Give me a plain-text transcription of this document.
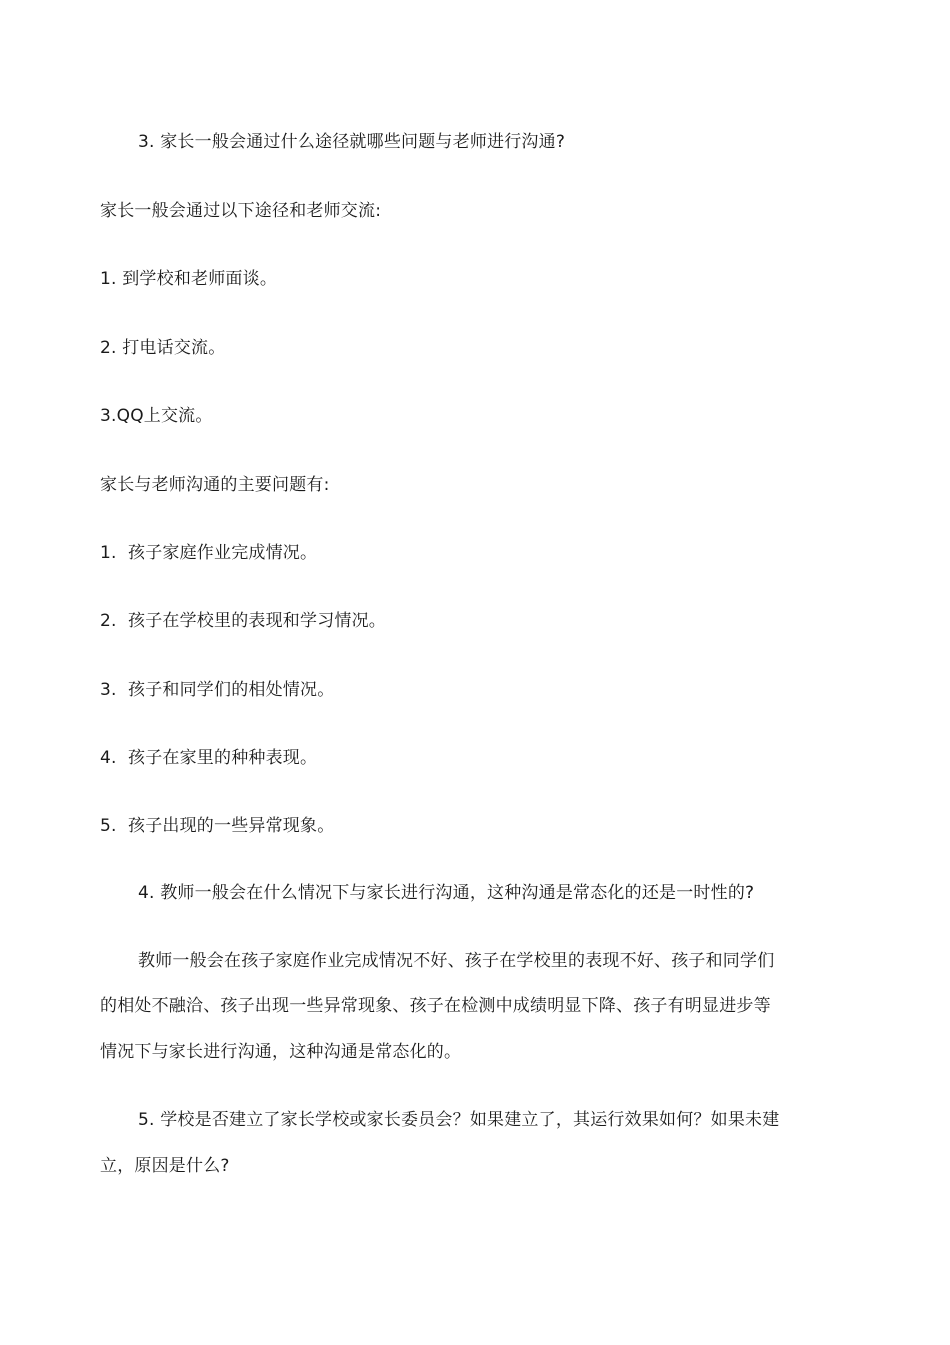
3. 家长一般会通过什么途径就哪些问题与老师进行沟通?
家长一般会通过以下途径和老师交流:
1. 到学校和老师面谈。
2. 打电话交流。
3.QQ上交流。
家长与老师沟通的主要问题有:
1. 孩子家庭作业完成情况。
2. 孩子在学校里的表现和学习情况。
3. 孩子和同学们的相处情况。
4. 孩子在家里的种种表现。
5. 孩子出现的一些异常现象。
4. 教师一般会在什么情况下与家长进行沟通，这种沟通是常态化的还是一时性的?
教师一般会在孩子家庭作业完成情况不好、孩子在学校里的表现不好、孩子和同学们
的相处不融洽、孩子出现一些异常现象、孩子在检测中成绩明显下降、孩子有明显进步等
情况下与家长进行沟通，这种沟通是常态化的。
5. 学校是否建立了家长学校或家长委员会？如果建立了，其运行效果如何？如果未建
立，原因是什么?
